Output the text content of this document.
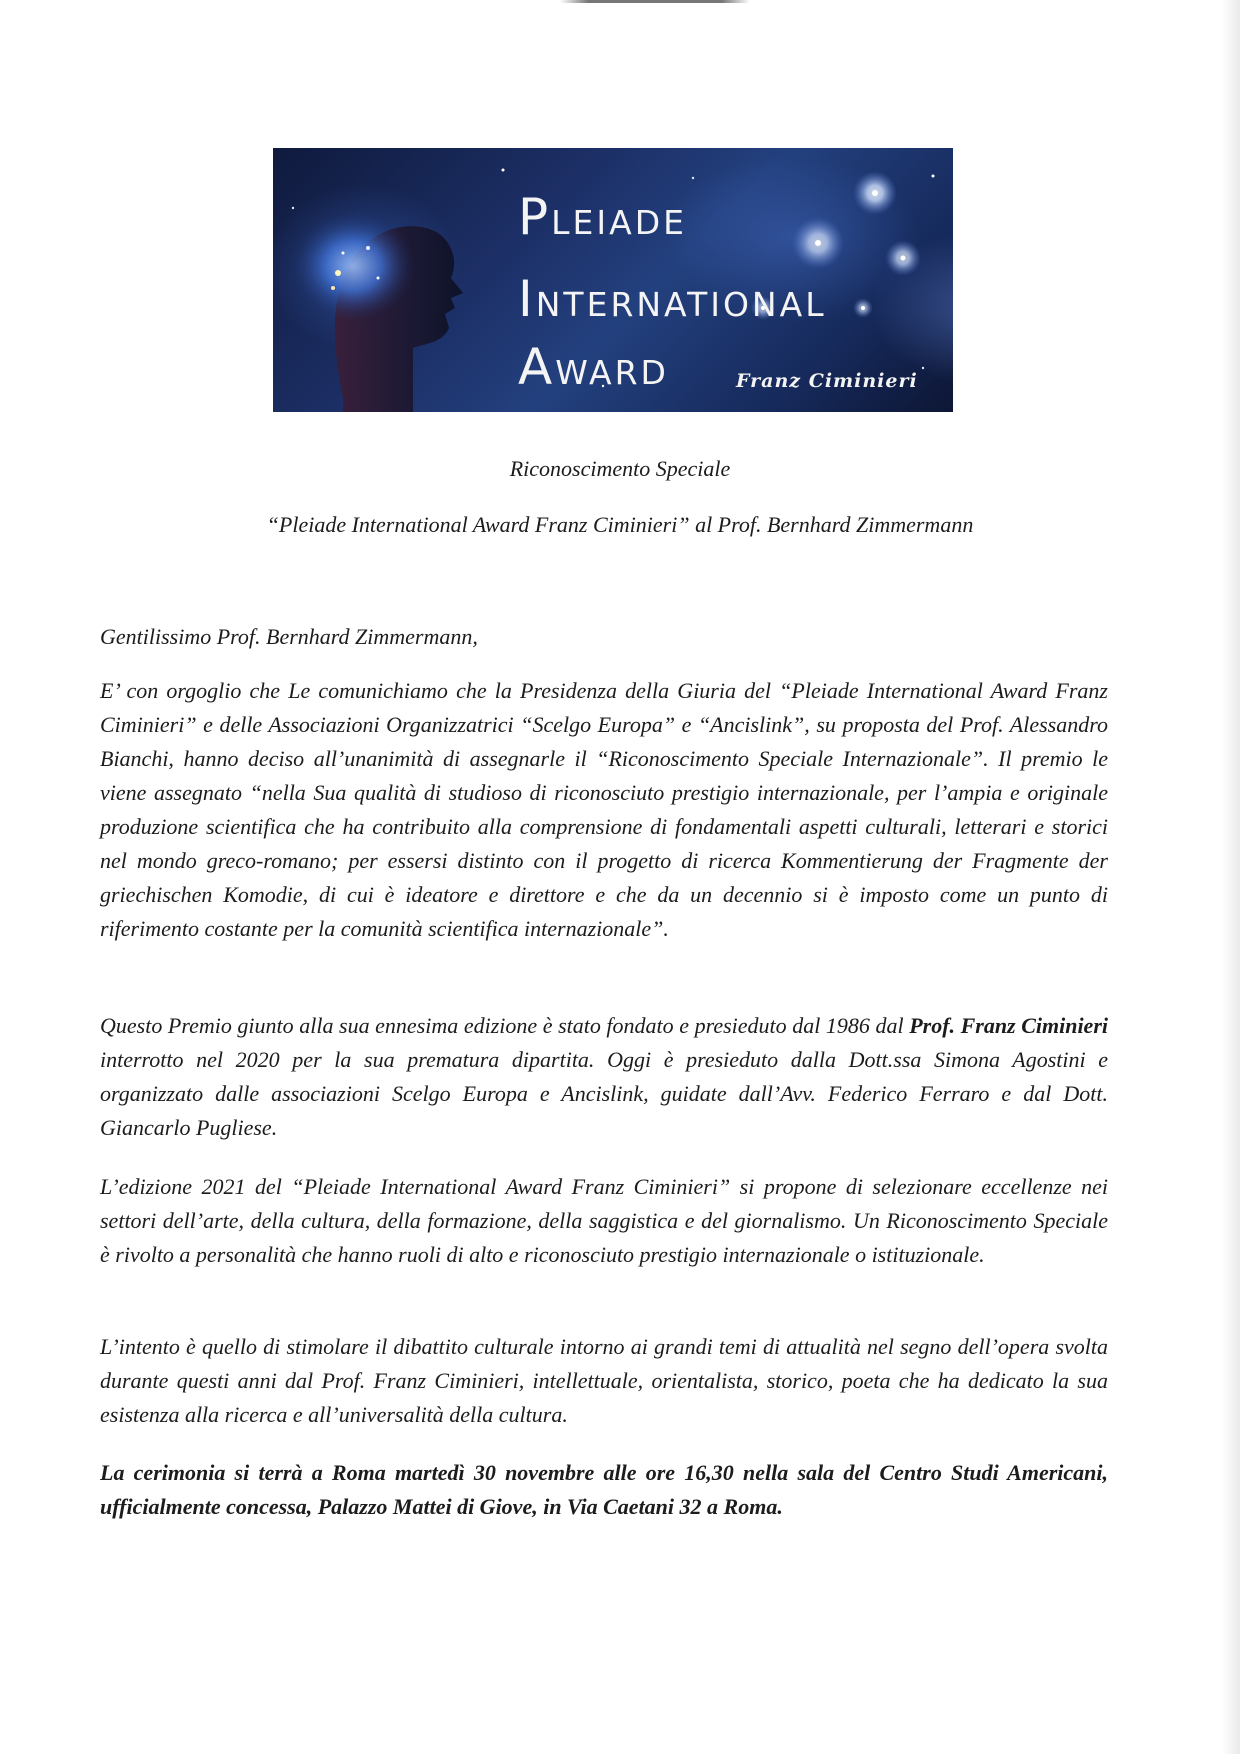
PLEIADE
INTERNATIONAL
AWARD	Franz Ciminieri
Riconoscimento Speciale
“Pleiade International Award Franz Ciminieri” al Prof. Bernhard Zimmermann
Gentilissimo Prof. Bernhard Zimmermann,

E’ con orgoglio che Le comunichiamo che la Presidenza della Giuria del “Pleiade International Award Franz Ciminieri” e delle Associazioni Organizzatrici “Scelgo Europa” e “Ancislink”, su proposta del Prof. Alessandro Bianchi, hanno deciso all’unanimità di assegnarle il “Riconoscimento Speciale Internazionale”. Il premio le viene assegnato “nella Sua qualità di studioso di riconosciuto prestigio internazionale, per l’ampia e originale produzione scientifica che ha contribuito alla comprensione di fondamentali aspetti culturali, letterari e storici nel mondo greco-romano; per essersi distinto con il progetto di ricerca Kommentierung der Fragmente der griechischen Komodie, di cui è ideatore e direttore e che da un decennio si è imposto come un punto di riferimento costante per la comunità scientifica internazionale”.

Questo Premio giunto alla sua ennesima edizione è stato fondato e presieduto dal 1986 dal Prof. Franz Ciminieri interrotto nel 2020 per la sua prematura dipartita. Oggi è presieduto dalla Dott.ssa Simona Agostini e organizzato dalle associazioni Scelgo Europa e Ancislink, guidate dall’Avv. Federico Ferraro e dal Dott. Giancarlo Pugliese.

L’edizione 2021 del “Pleiade International Award Franz Ciminieri” si propone di selezionare eccellenze nei settori dell’arte, della cultura, della formazione, della saggistica e del giornalismo. Un Riconoscimento Speciale è rivolto a personalità che hanno ruoli di alto e riconosciuto prestigio internazionale o istituzionale.

L’intento è quello di stimolare il dibattito culturale intorno ai grandi temi di attualità nel segno dell’opera svolta durante questi anni dal Prof. Franz Ciminieri, intellettuale, orientalista, storico, poeta che ha dedicato la sua esistenza alla ricerca e all’universalità della cultura.

La cerimonia si terrà a Roma martedì 30 novembre alle ore 16,30 nella sala del Centro Studi Americani, ufficialmente concessa, Palazzo Mattei di Giove, in Via Caetani 32 a Roma.
